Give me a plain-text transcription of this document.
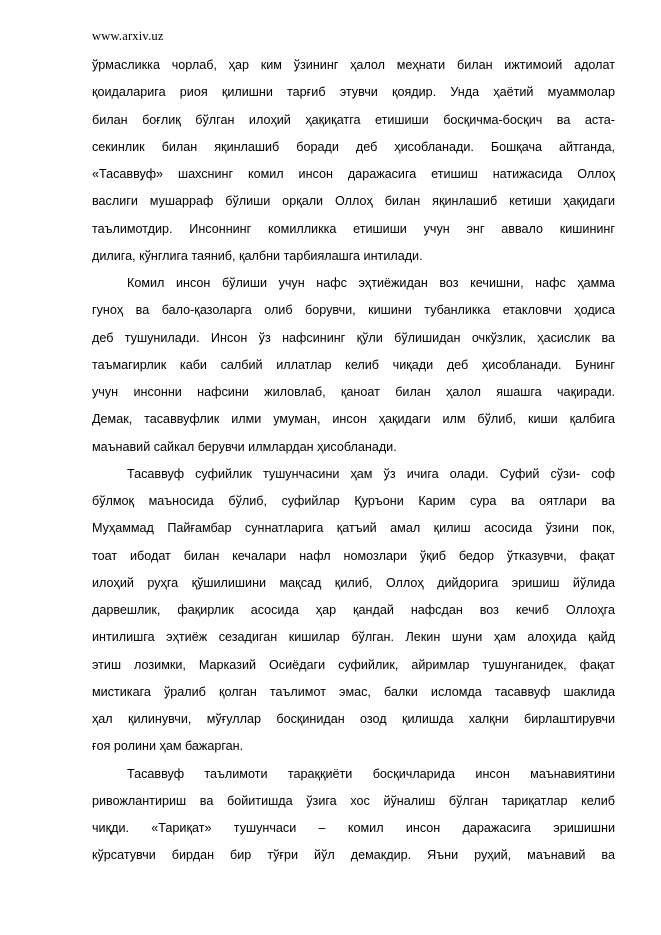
www.arxiv.uz
ўрмасликка чорлаб, ҳар ким ўзининг ҳалол меҳнати билан ижтимоий адолат
қоидаларига риоя қилишни тарғиб этувчи қоядир. Унда ҳаётий муаммолар
билан боғлиқ бўлган илоҳий ҳақиқатга етишиши босқичма-босқич ва аста-
секинлик билан яқинлашиб боради деб ҳисобланади. Бошқача айтганда,
«Тасаввуф» шахснинг комил инсон даражасига етишиш натижасида Оллоҳ
васлиги мушарраф бўлиши орқали Оллоҳ билан яқинлашиб кетиши ҳақидаги
таълимотдир. Инсоннинг комилликка етишиши учун энг аввало кишининг
дилига, кўнглига таяниб, қалбни тарбиялашга интилади.
Комил инсон бўлиши учун нафс эҳтиёжидан воз кечишни, нафс ҳамма
гуноҳ ва бало-қазоларга олиб борувчи, кишини тубанликка етакловчи ҳодиса
деб тушунилади. Инсон ўз нафсининг қўли бўлишидан очкўзлик, ҳасислик ва
таъмагирлик каби салбий иллатлар келиб чиқади деб ҳисобланади. Бунинг
учун инсонни нафсини жиловлаб, қаноат билан ҳалол яшашга чақиради.
Демак, тасаввуфлик илми умуман, инсон ҳақидаги илм бўлиб, киши қалбига
маънавий сайкал берувчи илмлардан ҳисобланади.
Тасаввуф суфийлик тушунчасини ҳам ўз ичига олади. Суфий сўзи- соф
бўлмоқ маъносида бўлиб, суфийлар Қуръони Карим сура ва оятлари ва
Муҳаммад Пайғамбар суннатларига қатъий амал қилиш асосида ўзини пок,
тоат ибодат билан кечалари нафл номозлари ўқиб бедор ўтказувчи, фақат
илоҳий руҳга қўшилишини мақсад қилиб, Оллоҳ дийдорига эришиш йўлида
дарвешлик, фақирлик асосида ҳар қандай нафсдан воз кечиб Оллоҳга
интилишга эҳтиёж сезадиган кишилар бўлган. Лекин шуни ҳам алоҳида қайд
этиш лозимки, Марказий Осиёдаги суфийлик, айримлар тушунганидек, фақат
мистикага ўралиб қолган таълимот эмас, балки исломда тасаввуф шаклида
ҳал қилинувчи, мўғуллар босқинидан озод қилишда халқни бирлаштирувчи
ғоя ролини ҳам бажарган.
Тасаввуф таълимоти тараққиёти босқичларида инсон маънавиятини
ривожлантириш ва бойитишда ўзига хос йўналиш бўлган тариқатлар келиб
чиқди. «Тариқат» тушунчаси – комил инсон даражасига эришишни
кўрсатувчи бирдан бир тўғри йўл демакдир. Яъни руҳий, маънавий ва
